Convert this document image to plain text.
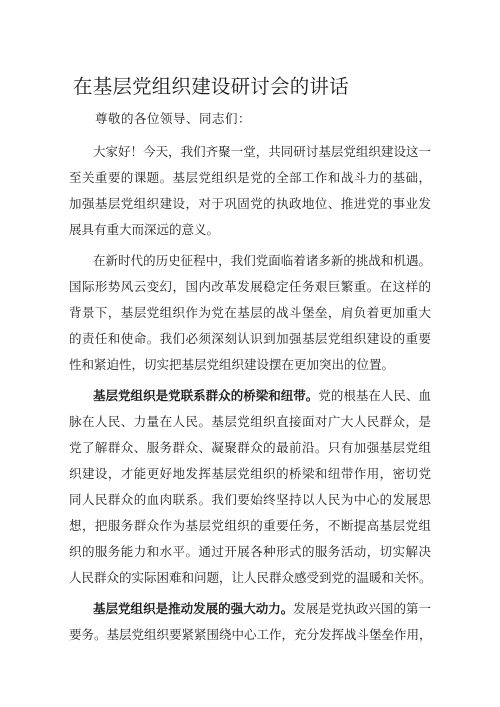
在基层党组织建设研讨会的讲话

尊敬的各位领导、同志们：

大家好！今天，我们齐聚一堂，共同研讨基层党组织建设这一
至关重要的课题。基层党组织是党的全部工作和战斗力的基础，
加强基层党组织建设，对于巩固党的执政地位、推进党的事业发
展具有重大而深远的意义。

在新时代的历史征程中，我们党面临着诸多新的挑战和机遇。
国际形势风云变幻，国内改革发展稳定任务艰巨繁重。在这样的
背景下，基层党组织作为党在基层的战斗堡垒，肩负着更加重大
的责任和使命。我们必须深刻认识到加强基层党组织建设的重要
性和紧迫性，切实把基层党组织建设摆在更加突出的位置。

基层党组织是党联系群众的桥梁和纽带。党的根基在人民、血
脉在人民、力量在人民。基层党组织直接面对广大人民群众，是
党了解群众、服务群众、凝聚群众的最前沿。只有加强基层党组
织建设，才能更好地发挥基层党组织的桥梁和纽带作用，密切党
同人民群众的血肉联系。我们要始终坚持以人民为中心的发展思
想，把服务群众作为基层党组织的重要任务，不断提高基层党组
织的服务能力和水平。通过开展各种形式的服务活动，切实解决
人民群众的实际困难和问题，让人民群众感受到党的温暖和关怀。

基层党组织是推动发展的强大动力。发展是党执政兴国的第一
要务。基层党组织要紧紧围绕中心工作，充分发挥战斗堡垒作用，
